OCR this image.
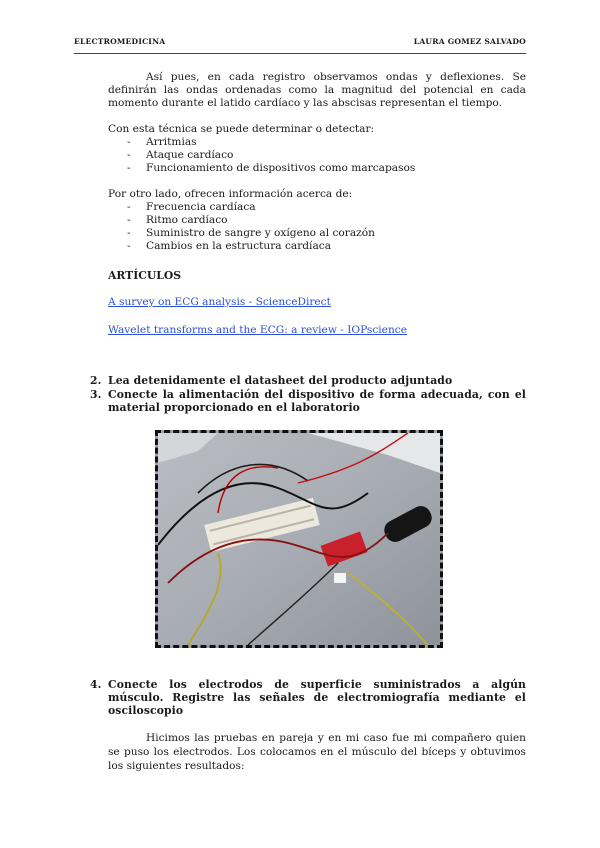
ELECTROMEDICINA	LAURA GOMEZ SALVADO

Así pues, en cada registro observamos ondas y deflexiones. Se definirán las ondas ordenadas como la magnitud del potencial en cada momento durante el latido cardíaco y las abscisas representan el tiempo.

Con esta técnica se puede determinar o detectar:

- Arritmias
- Ataque cardíaco
- Funcionamiento de dispositivos como marcapasos

Por otro lado, ofrecen información acerca de:

- Frecuencia cardíaca
- Ritmo cardíaco
- Suministro de sangre y oxígeno al corazón
- Cambios en la estructura cardíaca

ARTÍCULOS

A survey on ECG analysis - ScienceDirect
Wavelet transforms and the ECG: a review - IOPscience
2. Lea detenidamente el datasheet del producto adjuntado
3. Conecte la alimentación del dispositivo de forma adecuada, con el material proporcionado en el laboratorio
4. Conecte los electrodos de superficie suministrados a algún músculo. Registre las señales de electromiografía mediante el osciloscopio

Hicimos las pruebas en pareja y en mi caso fue mi compañero quien se puso los electrodos. Los colocamos en el músculo del bíceps y obtuvimos los siguientes resultados:
